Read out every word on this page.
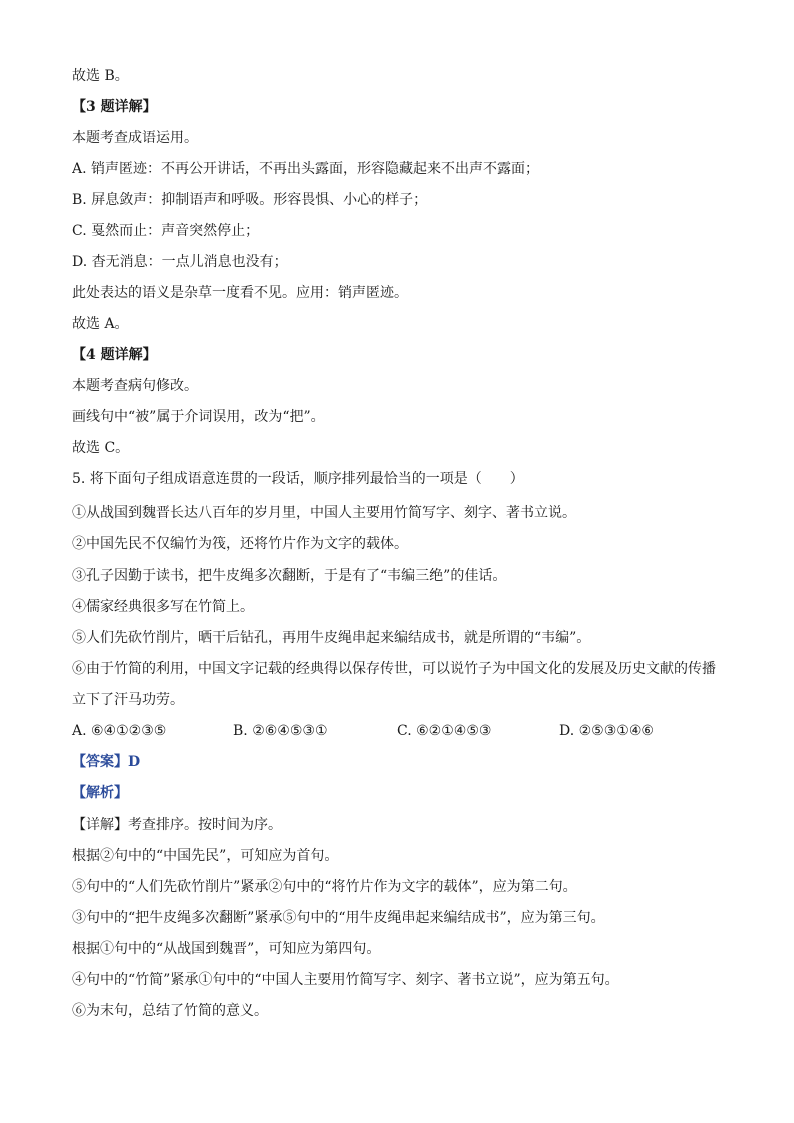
故选 B。
【3 题详解】
本题考查成语运用。
A. 销声匿迹：不再公开讲话，不再出头露面，形容隐藏起来不出声不露面；
B. 屏息敛声：抑制语声和呼吸。形容畏惧、小心的样子；
C. 戛然而止：声音突然停止；
D. 杳无消息：一点儿消息也没有；
此处表达的语义是杂草一度看不见。应用：销声匿迹。
故选 A。
【4 题详解】
本题考查病句修改。
画线句中“被”属于介词误用，改为“把”。
故选 C。
5. 将下面句子组成语意连贯的一段话，顺序排列最恰当的一项是（　　）
①从战国到魏晋长达八百年的岁月里，中国人主要用竹简写字、刻字、著书立说。
②中国先民不仅编竹为筏，还将竹片作为文字的载体。
③孔子因勤于读书，把牛皮绳多次翻断，于是有了“韦编三绝”的佳话。
④儒家经典很多写在竹简上。
⑤人们先砍竹削片，晒干后钻孔，再用牛皮绳串起来编结成书，就是所谓的“韦编”。
⑥由于竹简的利用，中国文字记载的经典得以保存传世，可以说竹子为中国文化的发展及历史文献的传播
立下了汗马功劳。
A. ⑥④①②③⑤	B. ②⑥④⑤③①	C. ⑥②①④⑤③	D. ②⑤③①④⑥
【答案】D
【解析】
【详解】考查排序。按时间为序。
根据②句中的“中国先民”，可知应为首句。
⑤句中的“人们先砍竹削片”紧承②句中的“将竹片作为文字的载体”，应为第二句。
③句中的“把牛皮绳多次翻断”紧承⑤句中的“用牛皮绳串起来编结成书”，应为第三句。
根据①句中的“从战国到魏晋”，可知应为第四句。
④句中的“竹简”紧承①句中的“中国人主要用竹简写字、刻字、著书立说”，应为第五句。
⑥为末句，总结了竹简的意义。
